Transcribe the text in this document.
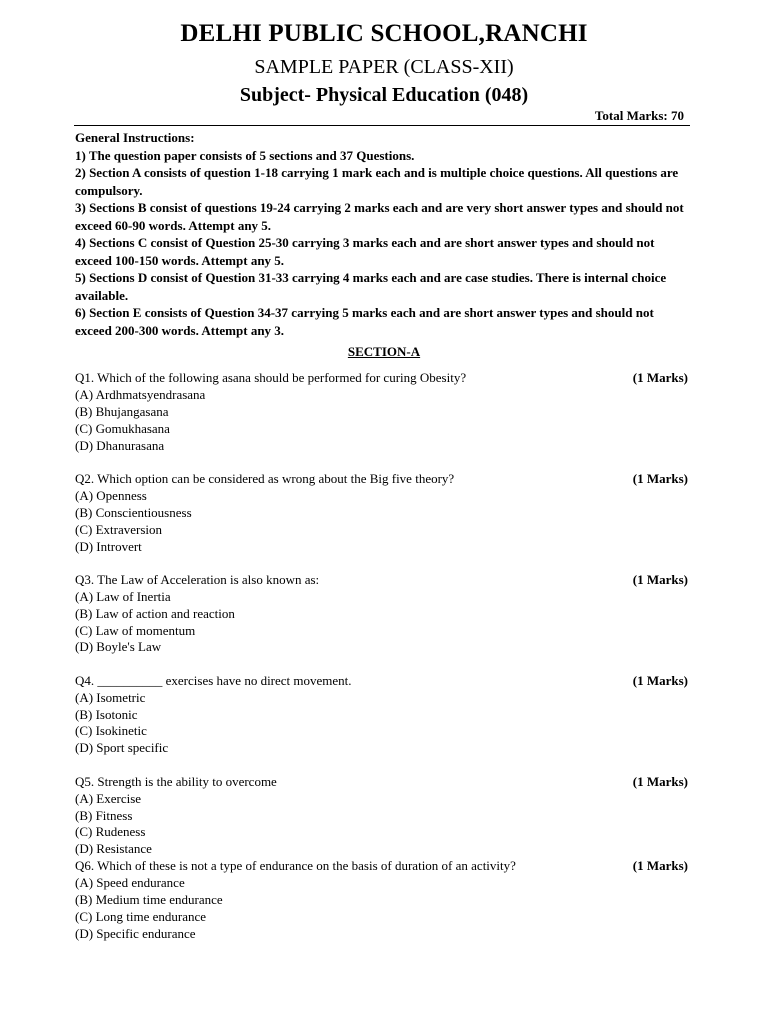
DELHI PUBLIC SCHOOL,RANCHI
SAMPLE PAPER (CLASS-XII)
Subject- Physical Education (048)
Total Marks: 70
General Instructions:
1) The question paper consists of 5 sections and 37 Questions.
2) Section A consists of question 1-18 carrying 1 mark each and is multiple choice questions. All questions are compulsory.
3) Sections B consist of questions 19-24 carrying 2 marks each and are very short answer types and should not exceed 60-90 words. Attempt any 5.
4) Sections C consist of Question 25-30 carrying 3 marks each and are short answer types and should not exceed 100-150 words. Attempt any 5.
5) Sections D consist of Question 31-33 carrying 4 marks each and are case studies. There is internal choice available.
6) Section E consists of Question 34-37 carrying 5 marks each and are short answer types and should not exceed 200-300 words. Attempt any 3.
SECTION-A
Q1. Which of the following asana should be performed for curing Obesity?	(1 Marks)
(A) Ardhmatsyendrasana
(B) Bhujangasana
(C) Gomukhasana
(D) Dhanurasana
Q2. Which option can be considered as wrong about the Big five theory?	(1 Marks)
(A) Openness
(B) Conscientiousness
(C) Extraversion
(D) Introvert
Q3. The Law of Acceleration is also known as:	(1 Marks)
(A) Law of Inertia
(B) Law of action and reaction
(C) Law of momentum
(D) Boyle's Law
Q4. __________ exercises have no direct movement.	(1 Marks)
(A) Isometric
(B) Isotonic
(C) Isokinetic
(D) Sport specific
Q5. Strength is the ability to overcome	(1 Marks)
(A) Exercise
(B) Fitness
(C) Rudeness
(D) Resistance
Q6. Which of these is not a type of endurance on the basis of duration of an activity?	(1 Marks)
(A) Speed endurance
(B) Medium time endurance
(C) Long time endurance
(D) Specific endurance
